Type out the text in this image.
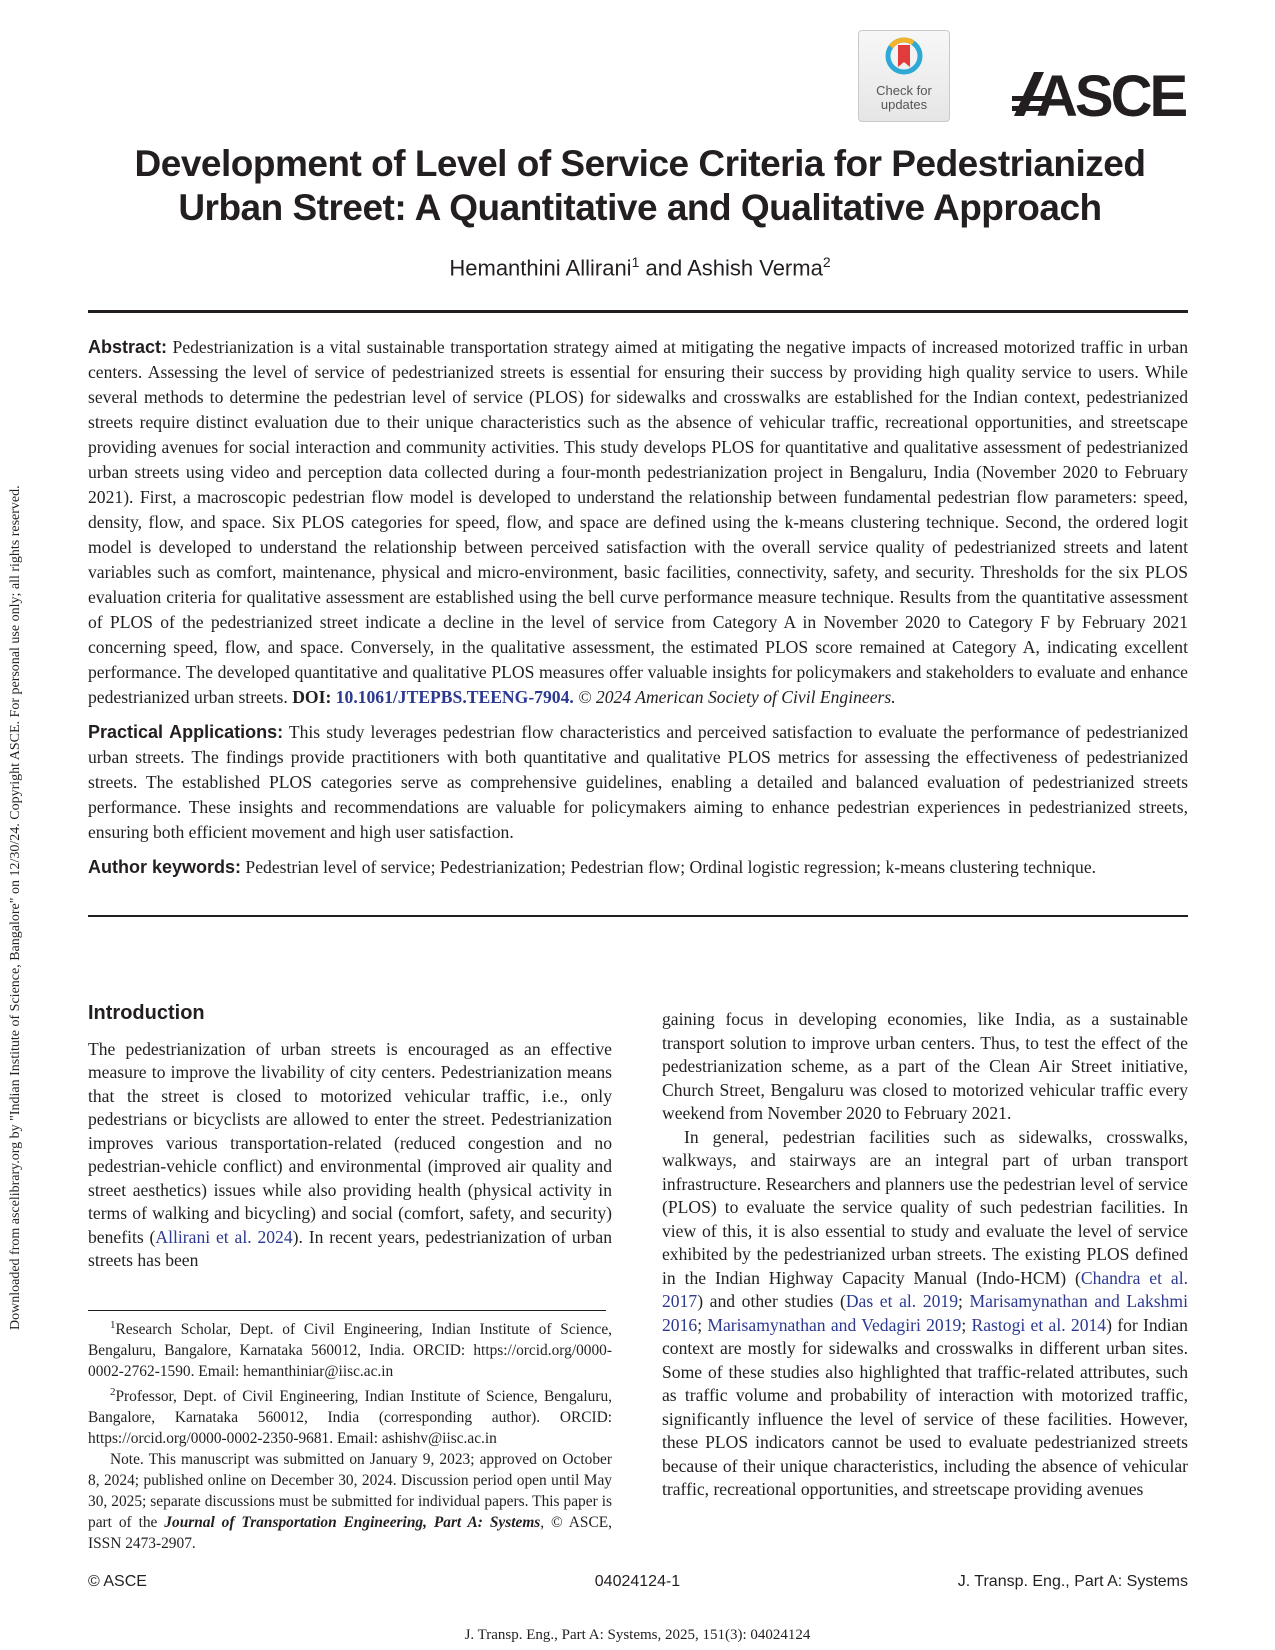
Downloaded from ascelibrary.org by "Indian Institute of Science, Bangalore" on 12/30/24. Copyright ASCE. For personal use only; all rights reserved.
Check for
updates	ASCE
Development of Level of Service Criteria for Pedestrianized Urban Street: A Quantitative and Qualitative Approach
Hemanthini Allirani$^1$ and Ashish Verma$^2$

Abstract: Pedestrianization is a vital sustainable transportation strategy aimed at mitigating the negative impacts of increased motorized traffic in urban centers. Assessing the level of service of pedestrianized streets is essential for ensuring their success by providing high quality service to users. While several methods to determine the pedestrian level of service (PLOS) for sidewalks and crosswalks are established for the Indian context, pedestrianized streets require distinct evaluation due to their unique characteristics such as the absence of vehicular traffic, recreational opportunities, and streetscape providing avenues for social interaction and community activities. This study develops PLOS for quantitative and qualitative assessment of pedestrianized urban streets using video and perception data collected during a four-month pedestrianization project in Bengaluru, India (November 2020 to February 2021). First, a macroscopic pedestrian flow model is developed to understand the relationship between fundamental pedestrian flow parameters: speed, density, flow, and space. Six PLOS categories for speed, flow, and space are defined using the k-means clustering technique. Second, the ordered logit model is developed to understand the relationship between perceived satisfaction with the overall service quality of pedestrianized streets and latent variables such as comfort, maintenance, physical and micro-environment, basic facilities, connectivity, safety, and security. Thresholds for the six PLOS evaluation criteria for qualitative assessment are established using the bell curve performance measure technique. Results from the quantitative assessment of PLOS of the pedestrianized street indicate a decline in the level of service from Category A in November 2020 to Category F by February 2021 concerning speed, flow, and space. Conversely, in the qualitative assessment, the estimated PLOS score remained at Category A, indicating excellent performance. The developed quantitative and qualitative PLOS measures offer valuable insights for policymakers and stakeholders to evaluate and enhance pedestrianized urban streets. DOI: 10.1061/JTEPBS.TEENG-7904. © 2024 American Society of Civil Engineers.

Practical Applications: This study leverages pedestrian flow characteristics and perceived satisfaction to evaluate the performance of pedestrianized urban streets. The findings provide practitioners with both quantitative and qualitative PLOS metrics for assessing the effectiveness of pedestrianized streets. The established PLOS categories serve as comprehensive guidelines, enabling a detailed and balanced evaluation of pedestrianized streets performance. These insights and recommendations are valuable for policymakers aiming to enhance pedestrian experiences in pedestrianized streets, ensuring both efficient movement and high user satisfaction.

Author keywords: Pedestrian level of service; Pedestrianization; Pedestrian flow; Ordinal logistic regression; k-means clustering technique.

Introduction

The pedestrianization of urban streets is encouraged as an effective measure to improve the livability of city centers. Pedestrianization means that the street is closed to motorized vehicular traffic, i.e., only pedestrians or bicyclists are allowed to enter the street. Pedestrianization improves various transportation-related (reduced congestion and no pedestrian-vehicle conflict) and environmental (improved air quality and street aesthetics) issues while also providing health (physical activity in terms of walking and bicycling) and social (comfort, safety, and security) benefits (Allirani et al. 2024). In recent years, pedestrianization of urban streets has been

gaining focus in developing economies, like India, as a sustainable transport solution to improve urban centers. Thus, to test the effect of the pedestrianization scheme, as a part of the Clean Air Street initiative, Church Street, Bengaluru was closed to motorized vehicular traffic every weekend from November 2020 to February 2021.

In general, pedestrian facilities such as sidewalks, crosswalks, walkways, and stairways are an integral part of urban transport infrastructure. Researchers and planners use the pedestrian level of service (PLOS) to evaluate the service quality of such pedestrian facilities. In view of this, it is also essential to study and evaluate the level of service exhibited by the pedestrianized urban streets. The existing PLOS defined in the Indian Highway Capacity Manual (Indo-HCM) (Chandra et al. 2017) and other studies (Das et al. 2019; Marisamynathan and Lakshmi 2016; Marisamynathan and Vedagiri 2019; Rastogi et al. 2014) for Indian context are mostly for sidewalks and crosswalks in different urban sites. Some of these studies also highlighted that traffic-related attributes, such as traffic volume and probability of interaction with motorized traffic, significantly influence the level of service of these facilities. However, these PLOS indicators cannot be used to evaluate pedestrianized streets because of their unique characteristics, including the absence of vehicular traffic, recreational opportunities, and streetscape providing avenues

$^1$Research Scholar, Dept. of Civil Engineering, Indian Institute of Science, Bengaluru, Bangalore, Karnataka 560012, India. ORCID: https://orcid.org/0000-0002-2762-1590. Email: hemanthiniar@iisc.ac.in

$^2$Professor, Dept. of Civil Engineering, Indian Institute of Science, Bengaluru, Bangalore, Karnataka 560012, India (corresponding author). ORCID: https://orcid.org/0000-0002-2350-9681. Email: ashishv@iisc.ac.in

Note. This manuscript was submitted on January 9, 2023; approved on October 8, 2024; published online on December 30, 2024. Discussion period open until May 30, 2025; separate discussions must be submitted for individual papers. This paper is part of the Journal of Transportation Engineering, Part A: Systems, © ASCE, ISSN 2473-2907.

© ASCE	04024124-1	J. Transp. Eng., Part A: Systems
J. Transp. Eng., Part A: Systems, 2025, 151(3): 04024124
